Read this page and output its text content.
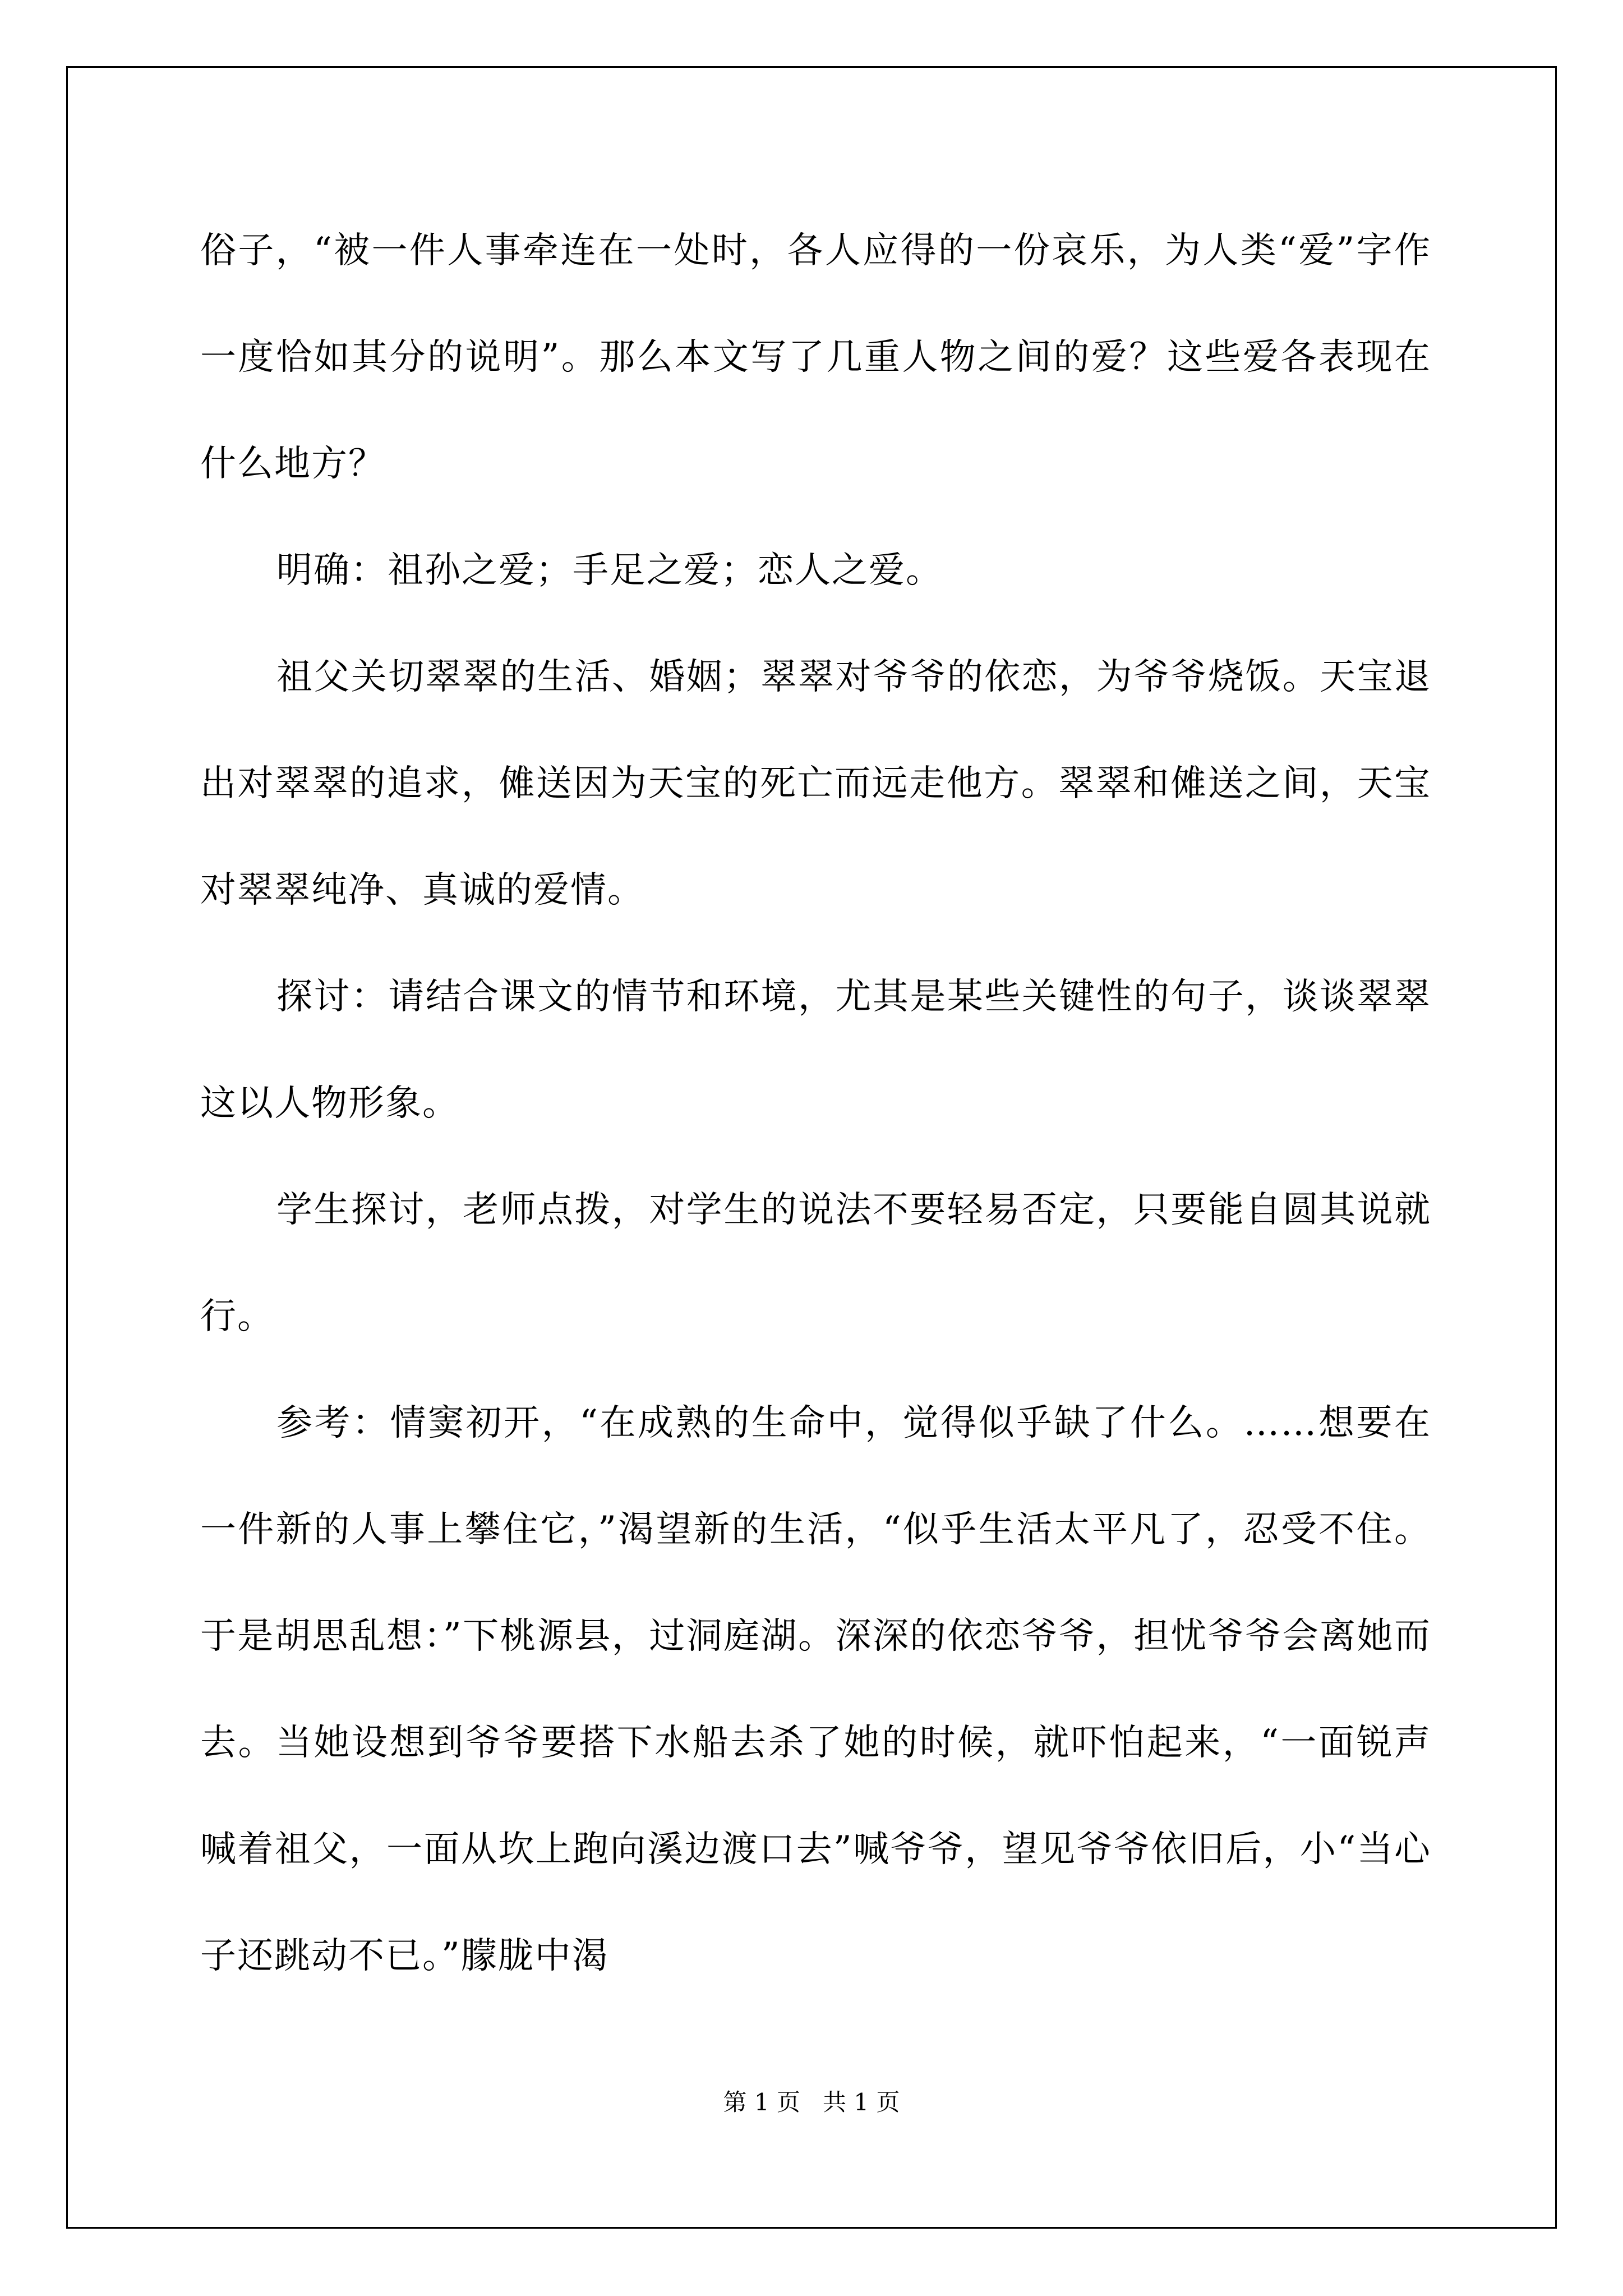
俗子，“被一件人事牵连在一处时，各人应得的一份哀乐，为人类“爱”字作一度恰如其分的说明”。那么本文写了几重人物之间的爱？这些爱各表现在什么地方？

明确：祖孙之爱；手足之爱；恋人之爱。

祖父关切翠翠的生活、婚姻；翠翠对爷爷的依恋，为爷爷烧饭。天宝退出对翠翠的追求，傩送因为天宝的死亡而远走他方。翠翠和傩送之间，天宝对翠翠纯净、真诚的爱情。

探讨：请结合课文的情节和环境，尤其是某些关键性的句子，谈谈翠翠这以人物形象。

学生探讨，老师点拨，对学生的说法不要轻易否定，只要能自圆其说就行。

参考：情窦初开，“在成熟的生命中，觉得似乎缺了什么。……想要在一件新的人事上攀住它，”渴望新的生活，“似乎生活太平凡了，忍受不住。于是胡思乱想：”下桃源县，过洞庭湖。深深的依恋爷爷，担忧爷爷会离她而去。当她设想到爷爷要搭下水船去杀了她的时候，就吓怕起来，“一面锐声喊着祖父，一面从坎上跑向溪边渡口去”喊爷爷，望见爷爷依旧后，小“当心子还跳动不已。”朦胧中渴

第 1 页   共 1 页
